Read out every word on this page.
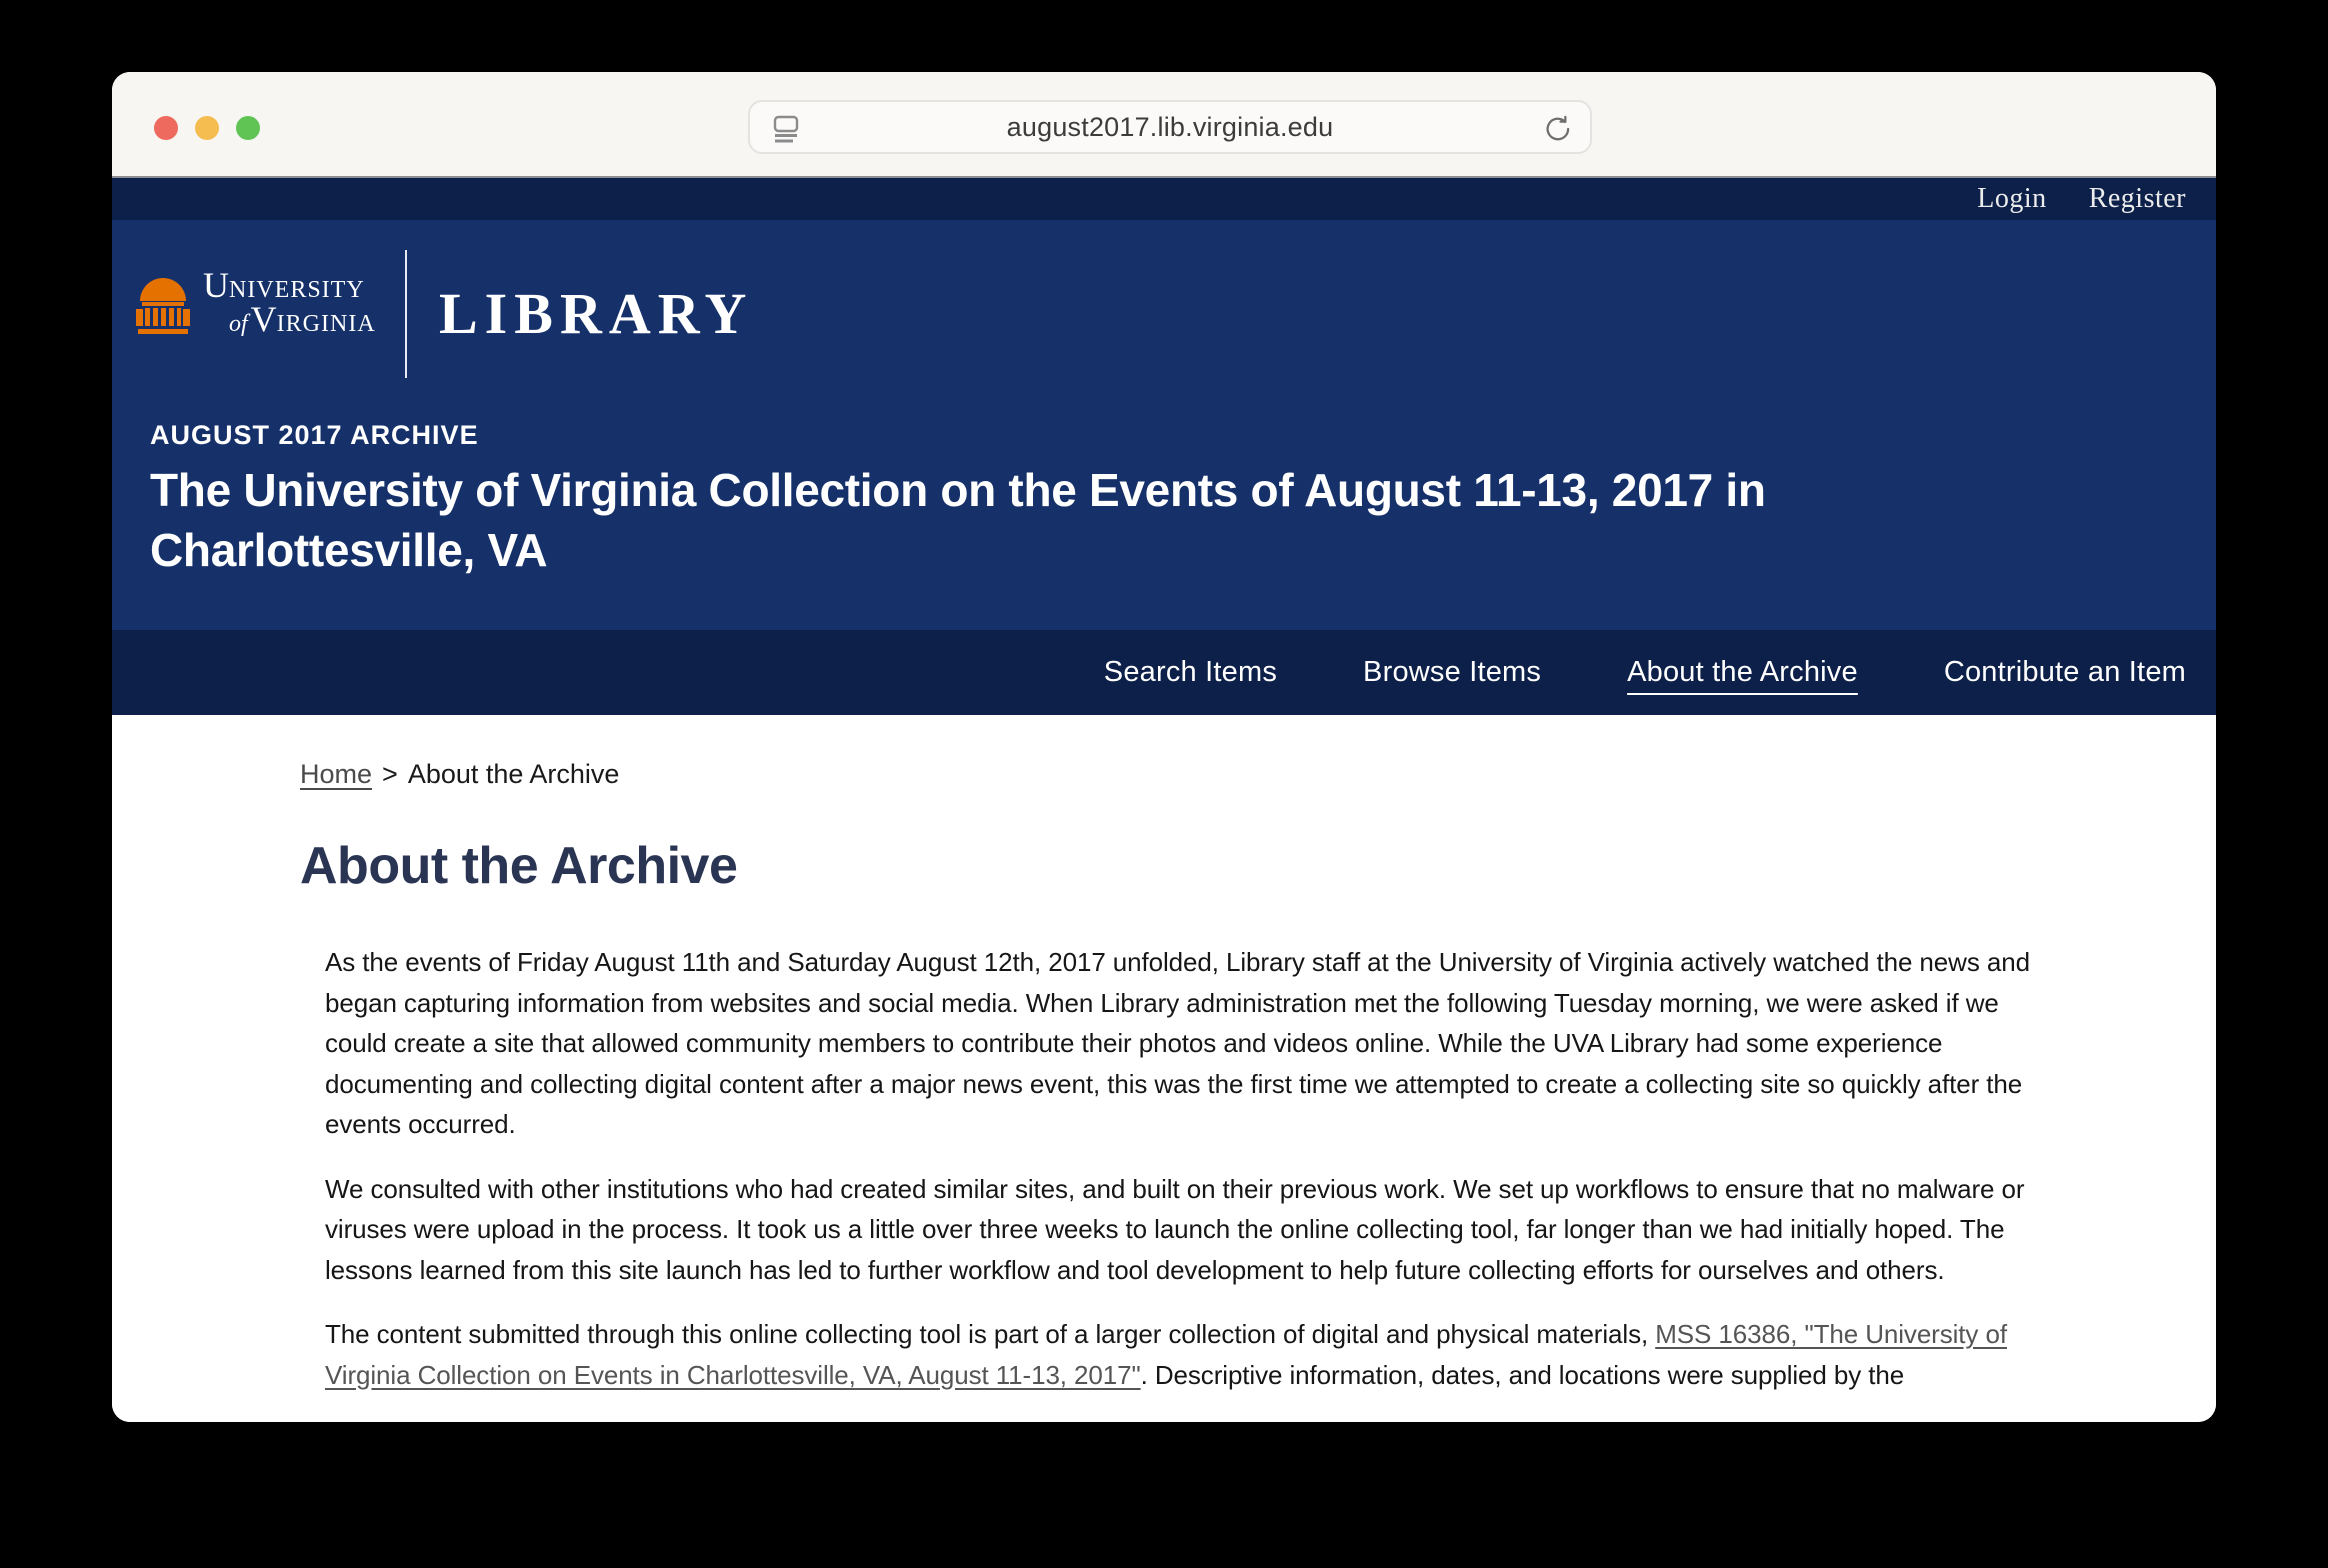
august2017.lib.virginia.edu
Login Register
UNIVERSITY
ofVIRGINIA LIBRARY
AUGUST 2017 ARCHIVE
The University of Virginia Collection on the Events of August 11-13, 2017 in Charlottesville, VA
Search Items	Browse Items	About the Archive	Contribute an Item
Home > About the Archive
About the Archive

As the events of Friday August 11th and Saturday August 12th, 2017 unfolded, Library staff at the University of Virginia actively watched the news and began capturing information from websites and social media. When Library administration met the following Tuesday morning, we were asked if we could create a site that allowed community members to contribute their photos and videos online. While the UVA Library had some experience documenting and collecting digital content after a major news event, this was the first time we attempted to create a collecting site so quickly after the events occurred.

We consulted with other institutions who had created similar sites, and built on their previous work. We set up workflows to ensure that no malware or viruses were upload in the process. It took us a little over three weeks to launch the online collecting tool, far longer than we had initially hoped. The lessons learned from this site launch has led to further workflow and tool development to help future collecting efforts for ourselves and others.

The content submitted through this online collecting tool is part of a larger collection of digital and physical materials, MSS 16386, "The University of Virginia Collection on Events in Charlottesville, VA, August 11-13, 2017". Descriptive information, dates, and locations were supplied by the
